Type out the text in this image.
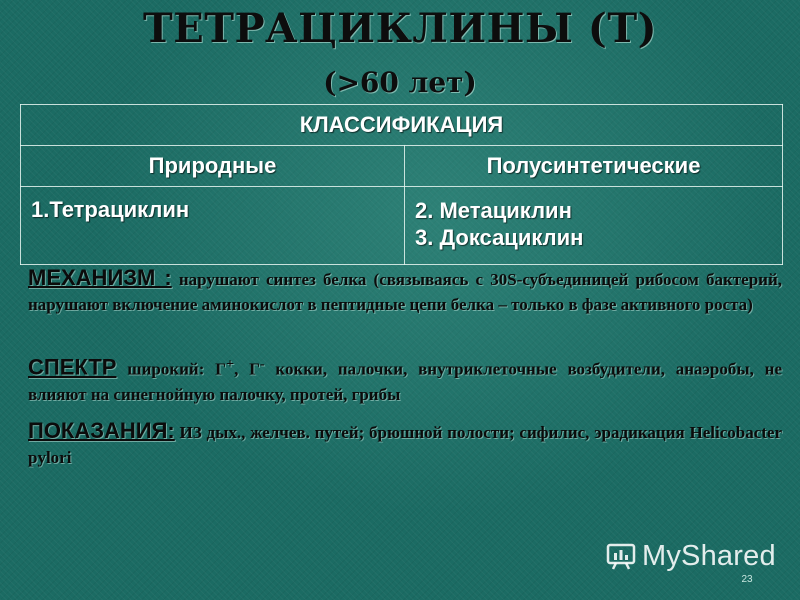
ТЕТРАЦИКЛИНЫ (Т)
(>60 лет)
КЛАССИФИКАЦИЯ	
Природные	Полусинтетические

1.Тетрациклин	2. Метациклин
3. Доксациклин
МЕХАНИЗМ : нарушают синтез белка (связываясь с 30S-субъединицей рибосом бактерий, нарушают включение аминокислот в пептидные цепи белка – только в фазе активного роста)
СПЕКТР широкий: Г+, Г- кокки, палочки, внутриклеточные возбудители, анаэробы, не влияют на синегнойную палочку, протей, грибы
ПОКАЗАНИЯ: ИЗ дых., желчев. путей; брюшной полости; сифилис, эрадикация Helicobacter pylori
MyShared
23
